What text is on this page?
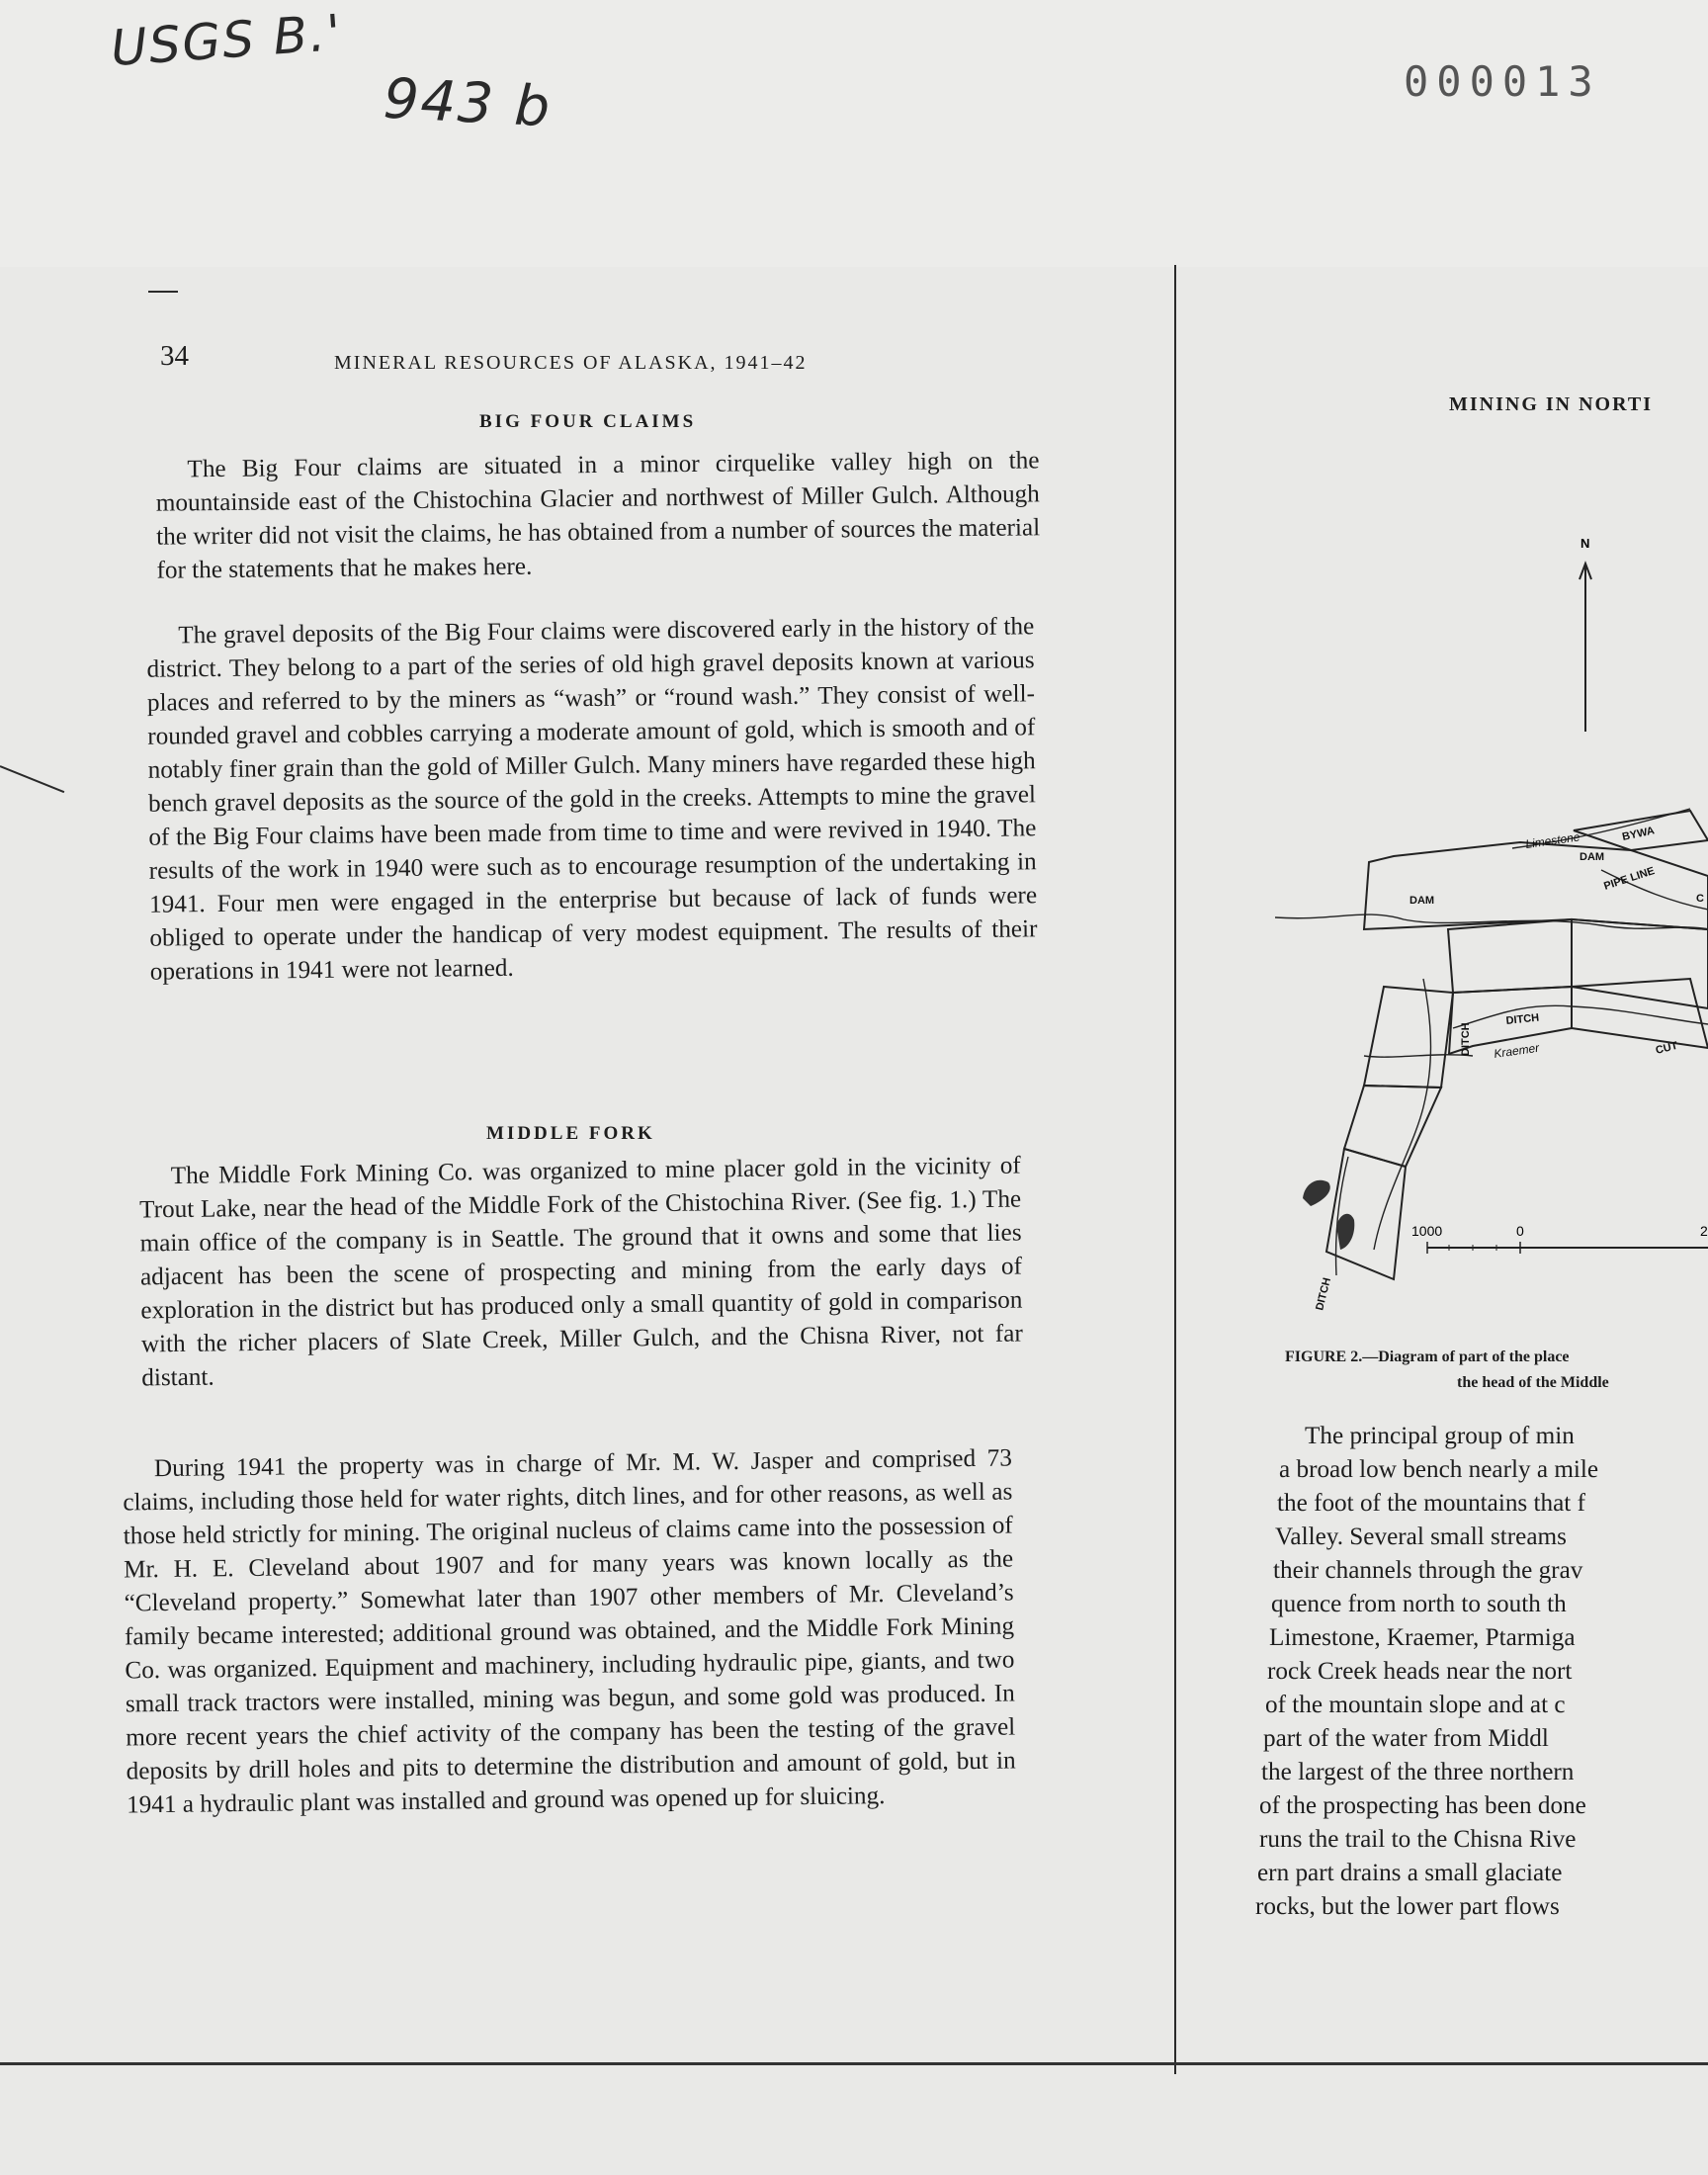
USGS B.'
943 b	000013
34	MINERAL RESOURCES OF ALASKA, 1941–42
BIG FOUR CLAIMS

The Big Four claims are situated in a minor cirquelike valley high on the mountainside east of the Chistochina Glacier and northwest of Miller Gulch. Although the writer did not visit the claims, he has obtained from a number of sources the material for the statements that he makes here.

The gravel deposits of the Big Four claims were discovered early in the history of the district. They belong to a part of the series of old high gravel deposits known at various places and referred to by the miners as “wash” or “round wash.” They consist of well-rounded gravel and cobbles carrying a moderate amount of gold, which is smooth and of notably finer grain than the gold of Miller Gulch. Many miners have regarded these high bench gravel deposits as the source of the gold in the creeks. Attempts to mine the gravel of the Big Four claims have been made from time to time and were revived in 1940. The results of the work in 1940 were such as to encourage resumption of the undertaking in 1941. Four men were engaged in the enterprise but because of lack of funds were obliged to operate under the handicap of very modest equipment. The results of their operations in 1941 were not learned.

MIDDLE FORK

The Middle Fork Mining Co. was organized to mine placer gold in the vicinity of Trout Lake, near the head of the Middle Fork of the Chistochina River. (See fig. 1.) The main office of the company is in Seattle. The ground that it owns and some that lies adjacent has been the scene of prospecting and mining from the early days of exploration in the district but has produced only a small quantity of gold in comparison with the richer placers of Slate Creek, Miller Gulch, and the Chisna River, not far distant.

During 1941 the property was in charge of Mr. M. W. Jasper and comprised 73 claims, including those held for water rights, ditch lines, and for other reasons, as well as those held strictly for mining. The original nucleus of claims came into the possession of Mr. H. E. Cleveland about 1907 and for many years was known locally as the “Cleveland property.” Somewhat later than 1907 other members of Mr. Cleveland’s family became interested; additional ground was obtained, and the Middle Fork Mining Co. was organized. Equipment and machinery, including hydraulic pipe, giants, and two small track tractors were installed, mining was begun, and some gold was produced. In more recent years the chief activity of the company has been the testing of the gravel deposits by drill holes and pits to determine the distribution and amount of gold, but in 1941 a hydraulic plant was installed and ground was opened up for sluicing.

MINING IN NORTI
N
Limestone	BYWA
DAM
DAM
PIPE LINE
C
DITCH
DITCH
Kraemer	CUT
DITCH
1000	0	2
FIGURE 2.—Diagram of part of the place
the head of the Middle
The principal group of min
a broad low bench nearly a mile
the foot of the mountains that f
Valley. Several small streams
their channels through the grav
quence from north to south th
Limestone, Kraemer, Ptarmiga
rock Creek heads near the nort
of the mountain slope and at c
part of the water from Middl
the largest of the three northern
of the prospecting has been done
runs the trail to the Chisna Rive
ern part drains a small glaciate
rocks, but the lower part flows
